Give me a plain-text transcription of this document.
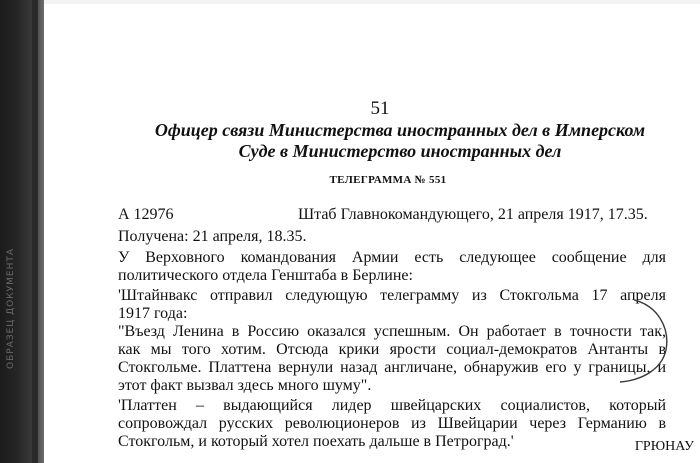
ОБРАЗЕЦ ДОКУМЕНТА
51
Офицер связи Министерства иностранных дел в Имперском
Суде в Министерство иностранных дел
ТЕЛЕГРАММА № 551
А 12976	Штаб Главнокомандующего, 21 апреля 1917, 17.35.
Получена: 21 апреля, 18.35.
У Верховного командования Армии есть следующее сообщение для
политического отдела Генштаба в Берлине:
'Штайнвакс отправил следующую телеграмму из Стокгольма 17 апреля
1917 года:
"Въезд Ленина в Россию оказался успешным. Он работает в точности так,
как мы того хотим. Отсюда крики ярости социал-демократов Антанты в
Стокгольме. Платтена вернули назад англичане, обнаружив его у границы, и
этот факт вызвал здесь много шуму".
'Платтен – выдающийся лидер швейцарских социалистов, который
сопровождал русских революционеров из Швейцарии через Германию в
Стокгольм, и который хотел поехать дальше в Петроград.'	ГРЮНАУ
